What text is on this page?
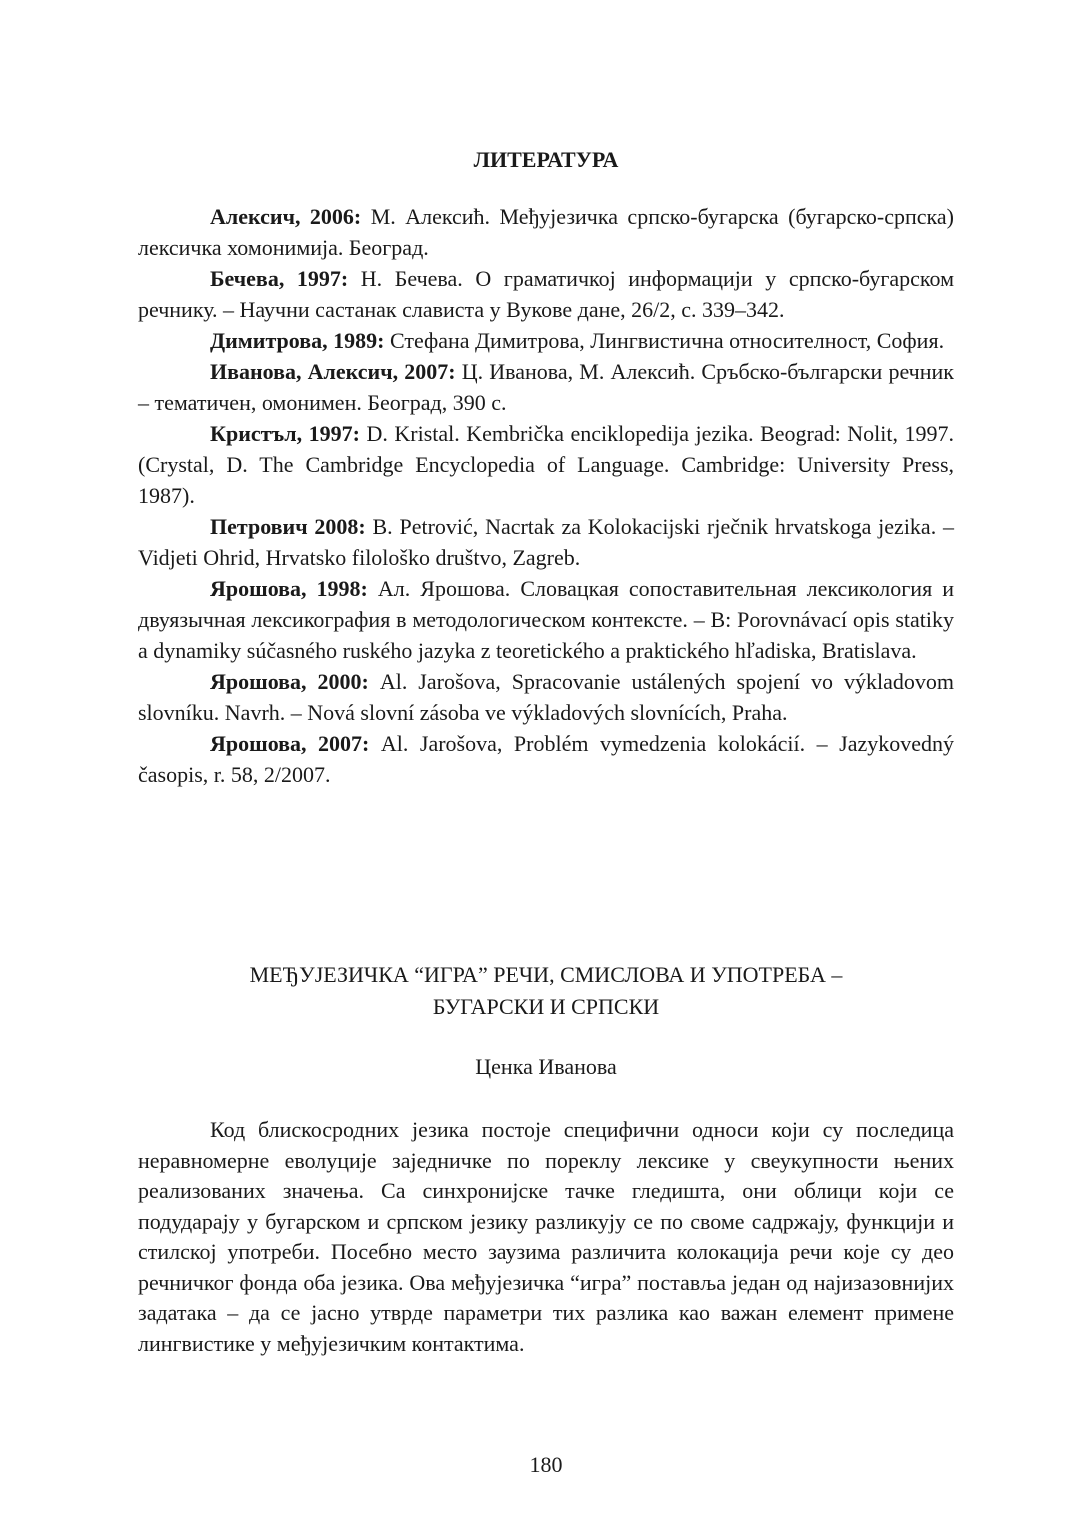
ЛИТЕРАТУРА

Алексич, 2006: М. Алексић. Међујезичка српско-бугарска (бугарско-српска) лексичка хомонимија. Београд.

Бечева, 1997: Н. Бечева. О граматичкој информацији у српско-бугарском речнику. – Научни састанак слависта у Вукове дане, 26/2, с. 339–342.

Димитрова, 1989: Стефана Димитрова, Лингвистична относителност, София.

Иванова, Алексич, 2007: Ц. Иванова, М. Алексић. Сръбско-български речник – тематичен, омонимен. Београд, 390 с.

Кристъл, 1997: D. Kristal. Kembrička enciklopedija jezika. Beograd: Nolit, 1997. (Crystal, D. The Cambridge Encyclopedia of Language. Cambridge: University Press, 1987).

Петрович 2008: B. Petrović, Nacrtak za Kolokacijski rječnik hrvatskoga jezika. – Vidjeti Ohrid, Hrvatsko filološko društvo, Zagreb.

Ярошова, 1998: Ал. Ярошова. Словацкая сопоставительная лексикология и двуязычная лексикография в методологическом контексте. – В: Porovnávací opis statiky a dynamiky súčasného ruského jazyka z teoretického a praktického hľadiska, Bratislava.

Ярошова, 2000: Al. Jarošova, Spracovanie ustálených spojení vo výkladovom slovníku. Navrh. – Nová slovní zásoba ve výkladových slovnících, Praha.

Ярошова, 2007: Al. Jarošova, Problém vymedzenia kolokácií. – Jazykovedný časopis, r. 58, 2/2007.

МЕЂУЈЕЗИЧКА “ИГРА” РЕЧИ, СМИСЛОВА И УПОТРЕБА –
БУГАРСКИ И СРПСКИ
Ценка Иванова

Код блискосродних језика постоје специфични односи који су последица неравномерне еволуције заједничке по пореклу лексике у свеукупности њених реализованих значења. Са синхронијске тачке гледишта, они облици који се подударају у бугарском и српском језику разликују се по своме садржају, функцији и стилској употреби. Посебно место заузима различита колокација речи које су део речничког фонда оба језика. Ова међујезичка “игра” поставља један од најизазовнијих задатака – да се јасно утврде параметри тих разлика као важан елемент примене лингвистике у међујезичким контактима.

180
